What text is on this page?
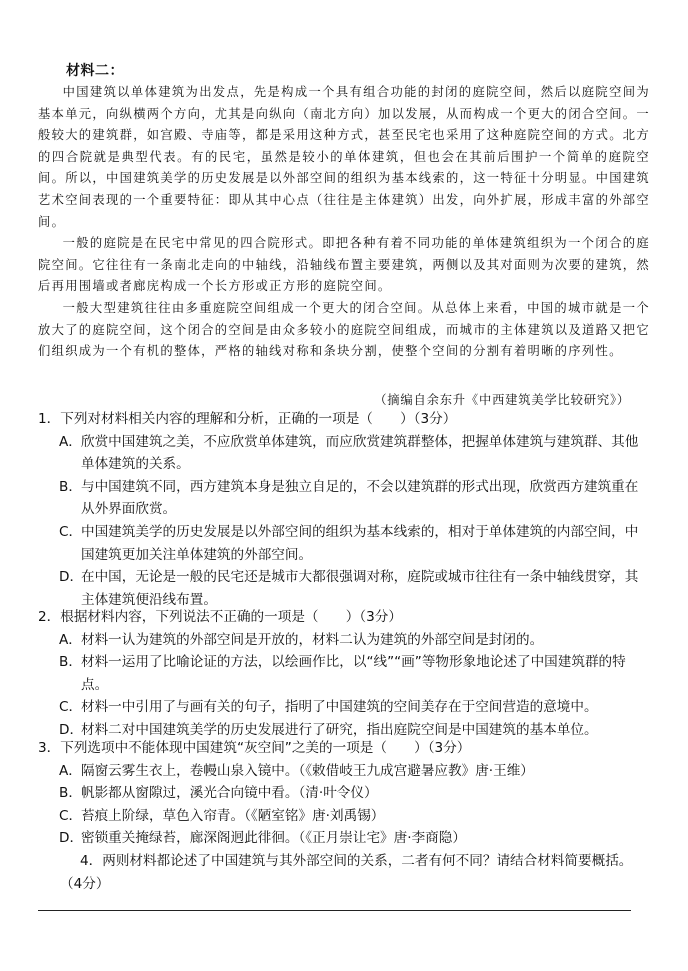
材料二：

中国建筑以单体建筑为出发点，先是构成一个具有组合功能的封闭的庭院空间，然后以庭院空间为基本单元，向纵横两个方向，尤其是向纵向（南北方向）加以发展，从而构成一个更大的闭合空间。一般较大的建筑群，如宫殿、寺庙等，都是采用这种方式，甚至民宅也采用了这种庭院空间的方式。北方的四合院就是典型代表。有的民宅，虽然是较小的单体建筑，但也会在其前后围护一个简单的庭院空间。所以，中国建筑美学的历史发展是以外部空间的组织为基本线索的，这一特征十分明显。中国建筑艺术空间表现的一个重要特征：即从其中心点（往往是主体建筑）出发，向外扩展，形成丰富的外部空间。

一般的庭院是在民宅中常见的四合院形式。即把各种有着不同功能的单体建筑组织为一个闭合的庭院空间。它往往有一条南北走向的中轴线，沿轴线布置主要建筑，两侧以及其对面则为次要的建筑，然后再用围墙或者廊庑构成一个长方形或正方形的庭院空间。

一般大型建筑往往由多重庭院空间组成一个更大的闭合空间。从总体上来看，中国的城市就是一个放大了的庭院空间，这个闭合的空间是由众多较小的庭院空间组成，而城市的主体建筑以及道路又把它们组织成为一个有机的整体，严格的轴线对称和条块分割，使整个空间的分割有着明晰的序列性。

（摘编自余东升《中西建筑美学比较研究》）

1．下列对材料相关内容的理解和分析，正确的一项是（　　）（3分）

A．欣赏中国建筑之美，不应欣赏单体建筑，而应欣赏建筑群整体，把握单体建筑与建筑群、其他单体建筑的关系。

B．与中国建筑不同，西方建筑本身是独立自足的，不会以建筑群的形式出现，欣赏西方建筑重在从外界面欣赏。

C．中国建筑美学的历史发展是以外部空间的组织为基本线索的，相对于单体建筑的内部空间，中国建筑更加关注单体建筑的外部空间。

D．在中国，无论是一般的民宅还是城市大都很强调对称，庭院或城市往往有一条中轴线贯穿，其主体建筑便沿线布置。

2．根据材料内容，下列说法不正确的一项是（　　）（3分）

A．材料一认为建筑的外部空间是开放的，材料二认为建筑的外部空间是封闭的。

B．材料一运用了比喻论证的方法，以绘画作比，以“线”“画”等物形象地论述了中国建筑群的特点。

C．材料一中引用了与画有关的句子，指明了中国建筑的空间美存在于空间营造的意境中。

D．材料二对中国建筑美学的历史发展进行了研究，指出庭院空间是中国建筑的基本单位。

3．下列选项中不能体现中国建筑“灰空间”之美的一项是（　　）（3分）

A．隔窗云雾生衣上，卷幔山泉入镜中。（《敕借岐王九成宫避暑应教》唐·王维）

B．帆影都从窗隙过，溪光合向镜中看。（清·叶令仪）

C．苔痕上阶绿，草色入帘青。（《陋室铭》唐·刘禹锡）

D．密锁重关掩绿苔，廊深阁迥此徘徊。（《正月崇让宅》唐·李商隐）

4．两则材料都论述了中国建筑与其外部空间的关系，二者有何不同？请结合材料简要概括。

（4分）
